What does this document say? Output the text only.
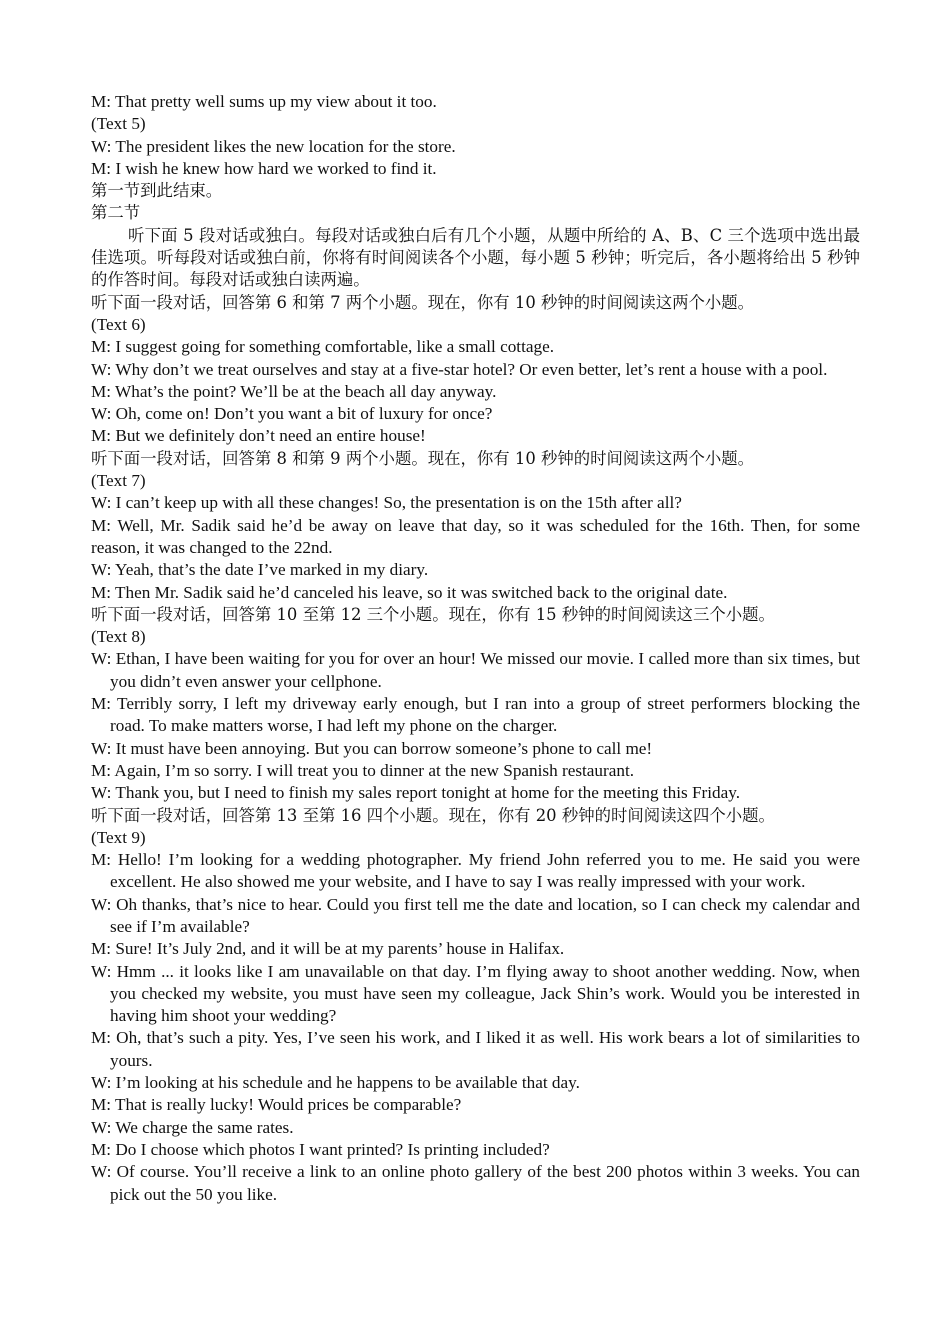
M: That pretty well sums up my view about it too.

(Text 5)

W: The president likes the new location for the store.

M: I wish he knew how hard we worked to find it.

第一节到此结束。

第二节

听下面 5 段对话或独白。每段对话或独白后有几个小题，从题中所给的 A、B、C 三个选项中选出最佳选项。听每段对话或独白前，你将有时间阅读各个小题，每小题 5 秒钟；听完后，各小题将给出 5 秒钟的作答时间。每段对话或独白读两遍。

听下面一段对话，回答第 6 和第 7 两个小题。现在，你有 10 秒钟的时间阅读这两个小题。

(Text 6)

M: I suggest going for something comfortable, like a small cottage.

W: Why don’t we treat ourselves and stay at a five-star hotel? Or even better, let’s rent a house with a pool.

M: What’s the point? We’ll be at the beach all day anyway.

W: Oh, come on! Don’t you want a bit of luxury for once?

M: But we definitely don’t need an entire house!

听下面一段对话，回答第 8 和第 9 两个小题。现在，你有 10 秒钟的时间阅读这两个小题。

(Text 7)

W: I can’t keep up with all these changes! So, the presentation is on the 15th after all?

M: Well, Mr. Sadik said he’d be away on leave that day, so it was scheduled for the 16th. Then, for some reason, it was changed to the 22nd.

W: Yeah, that’s the date I’ve marked in my diary.

M: Then Mr. Sadik said he’d canceled his leave, so it was switched back to the original date.

听下面一段对话，回答第 10 至第 12 三个小题。现在，你有 15 秒钟的时间阅读这三个小题。

(Text 8)

W: Ethan, I have been waiting for you for over an hour! We missed our movie. I called more than six times, but you didn’t even answer your cellphone.

M: Terribly sorry, I left my driveway early enough, but I ran into a group of street performers blocking the road. To make matters worse, I had left my phone on the charger.

W: It must have been annoying. But you can borrow someone’s phone to call me!

M: Again, I’m so sorry. I will treat you to dinner at the new Spanish restaurant.

W: Thank you, but I need to finish my sales report tonight at home for the meeting this Friday.

听下面一段对话，回答第 13 至第 16 四个小题。现在，你有 20 秒钟的时间阅读这四个小题。

(Text 9)

M: Hello! I’m looking for a wedding photographer. My friend John referred you to me. He said you were excellent. He also showed me your website, and I have to say I was really impressed with your work.

W: Oh thanks, that’s nice to hear. Could you first tell me the date and location, so I can check my calendar and see if I’m available?

M: Sure! It’s July 2nd, and it will be at my parents’ house in Halifax.

W: Hmm ... it looks like I am unavailable on that day. I’m flying away to shoot another wedding. Now, when you checked my website, you must have seen my colleague, Jack Shin’s work. Would you be interested in having him shoot your wedding?

M: Oh, that’s such a pity. Yes, I’ve seen his work, and I liked it as well. His work bears a lot of similarities to yours.

W: I’m looking at his schedule and he happens to be available that day.

M: That is really lucky! Would prices be comparable?

W: We charge the same rates.

M: Do I choose which photos I want printed? Is printing included?

W: Of course. You’ll receive a link to an online photo gallery of the best 200 photos within 3 weeks. You can pick out the 50 you like.
